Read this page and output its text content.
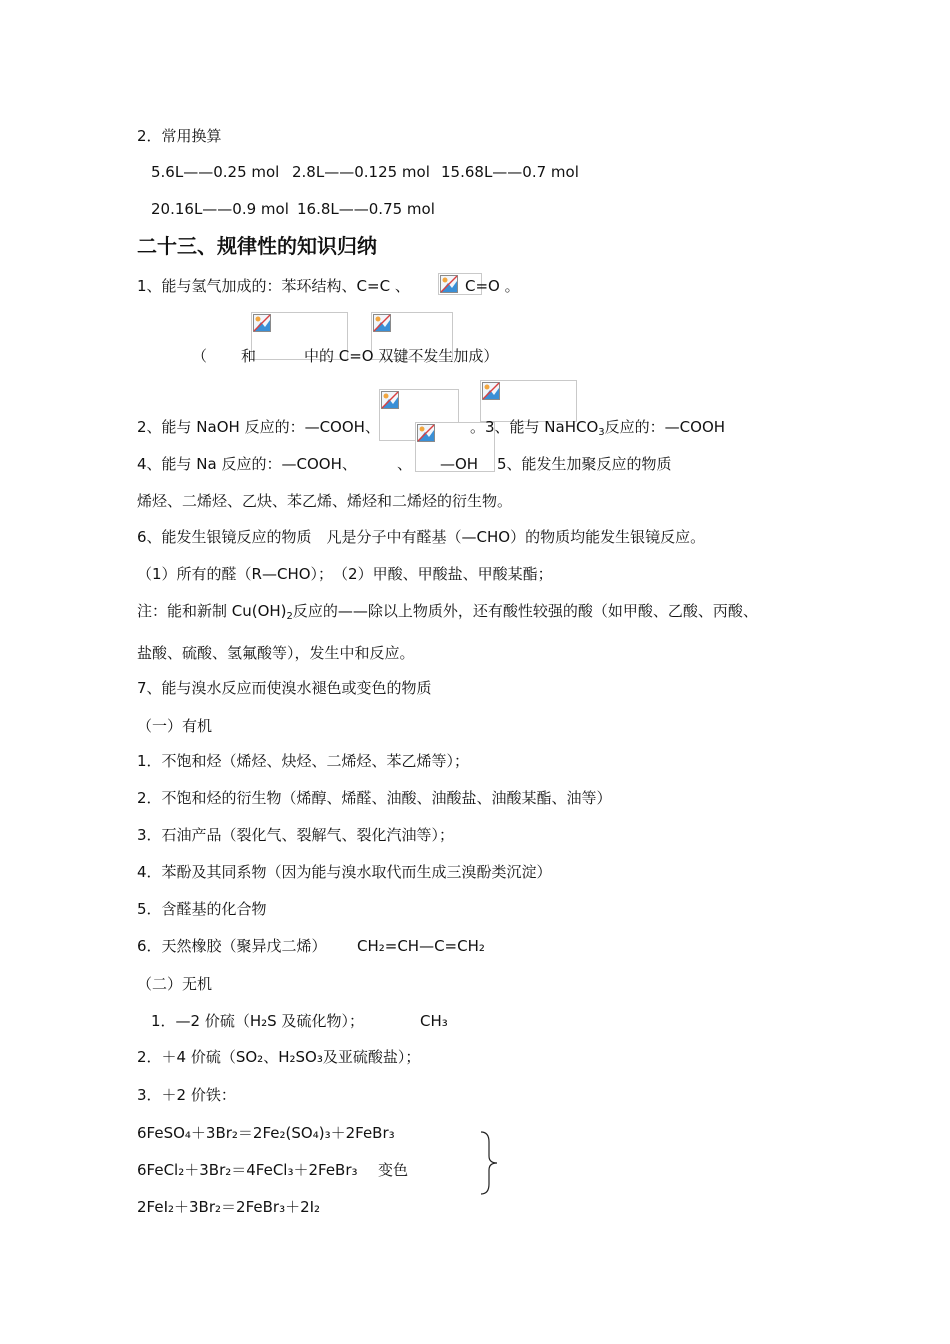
2．常用换算
5.6L——0.25 mol 2.8L——0.125 mol 15.68L——0.7 mol
20.16L——0.9 mol 16.8L——0.75 mol
二十三、规律性的知识归纳
1、能与氢气加成的：苯环结构、C=C 、	C=O 。
（ 和	中的 C=O 双键不发生加成）
2、能与 NaOH 反应的：—COOH、	。3、能与 NaHCO$_3$反应的：—COOH
4、能与 Na 反应的：—COOH、	、 —OH 5、能发生加聚反应的物质
烯烃、二烯烃、乙炔、苯乙烯、烯烃和二烯烃的衍生物。
6、能发生银镜反应的物质　凡是分子中有醛基（—CHO）的物质均能发生银镜反应。
（1）所有的醛（R—CHO）；　（2）甲酸、甲酸盐、甲酸某酯；
注：能和新制 $Cu(OH)_2$反应的——除以上物质外，还有酸性较强的酸（如甲酸、乙酸、丙酸、
盐酸、硫酸、氢氟酸等），发生中和反应。
7、能与溴水反应而使溴水褪色或变色的物质
（一）有机
1．不饱和烃（烯烃、炔烃、二烯烃、苯乙烯等）；
2．不饱和烃的衍生物（烯醇、烯醛、油酸、油酸盐、油酸某酯、油等）
3．石油产品（裂化气、裂解气、裂化汽油等）；
4．苯酚及其同系物（因为能与溴水取代而生成三溴酚类沉淀）
5．含醛基的化合物
6．天然橡胶（聚异戊二烯） CH₂=CH—C=CH₂
（二）无机
1．—2 价硫（H₂S 及硫化物）；	CH₃
2．＋4 价硫（SO₂、H₂SO₃及亚硫酸盐）；
3．＋2 价铁：
6FeSO₄＋3Br₂＝2Fe₂(SO₄)₃＋2FeBr₃
6FeCl₂＋3Br₂＝4FeCl₃＋2FeBr₃ 变色
2FeI₂＋3Br₂＝2FeBr₃＋2I₂
